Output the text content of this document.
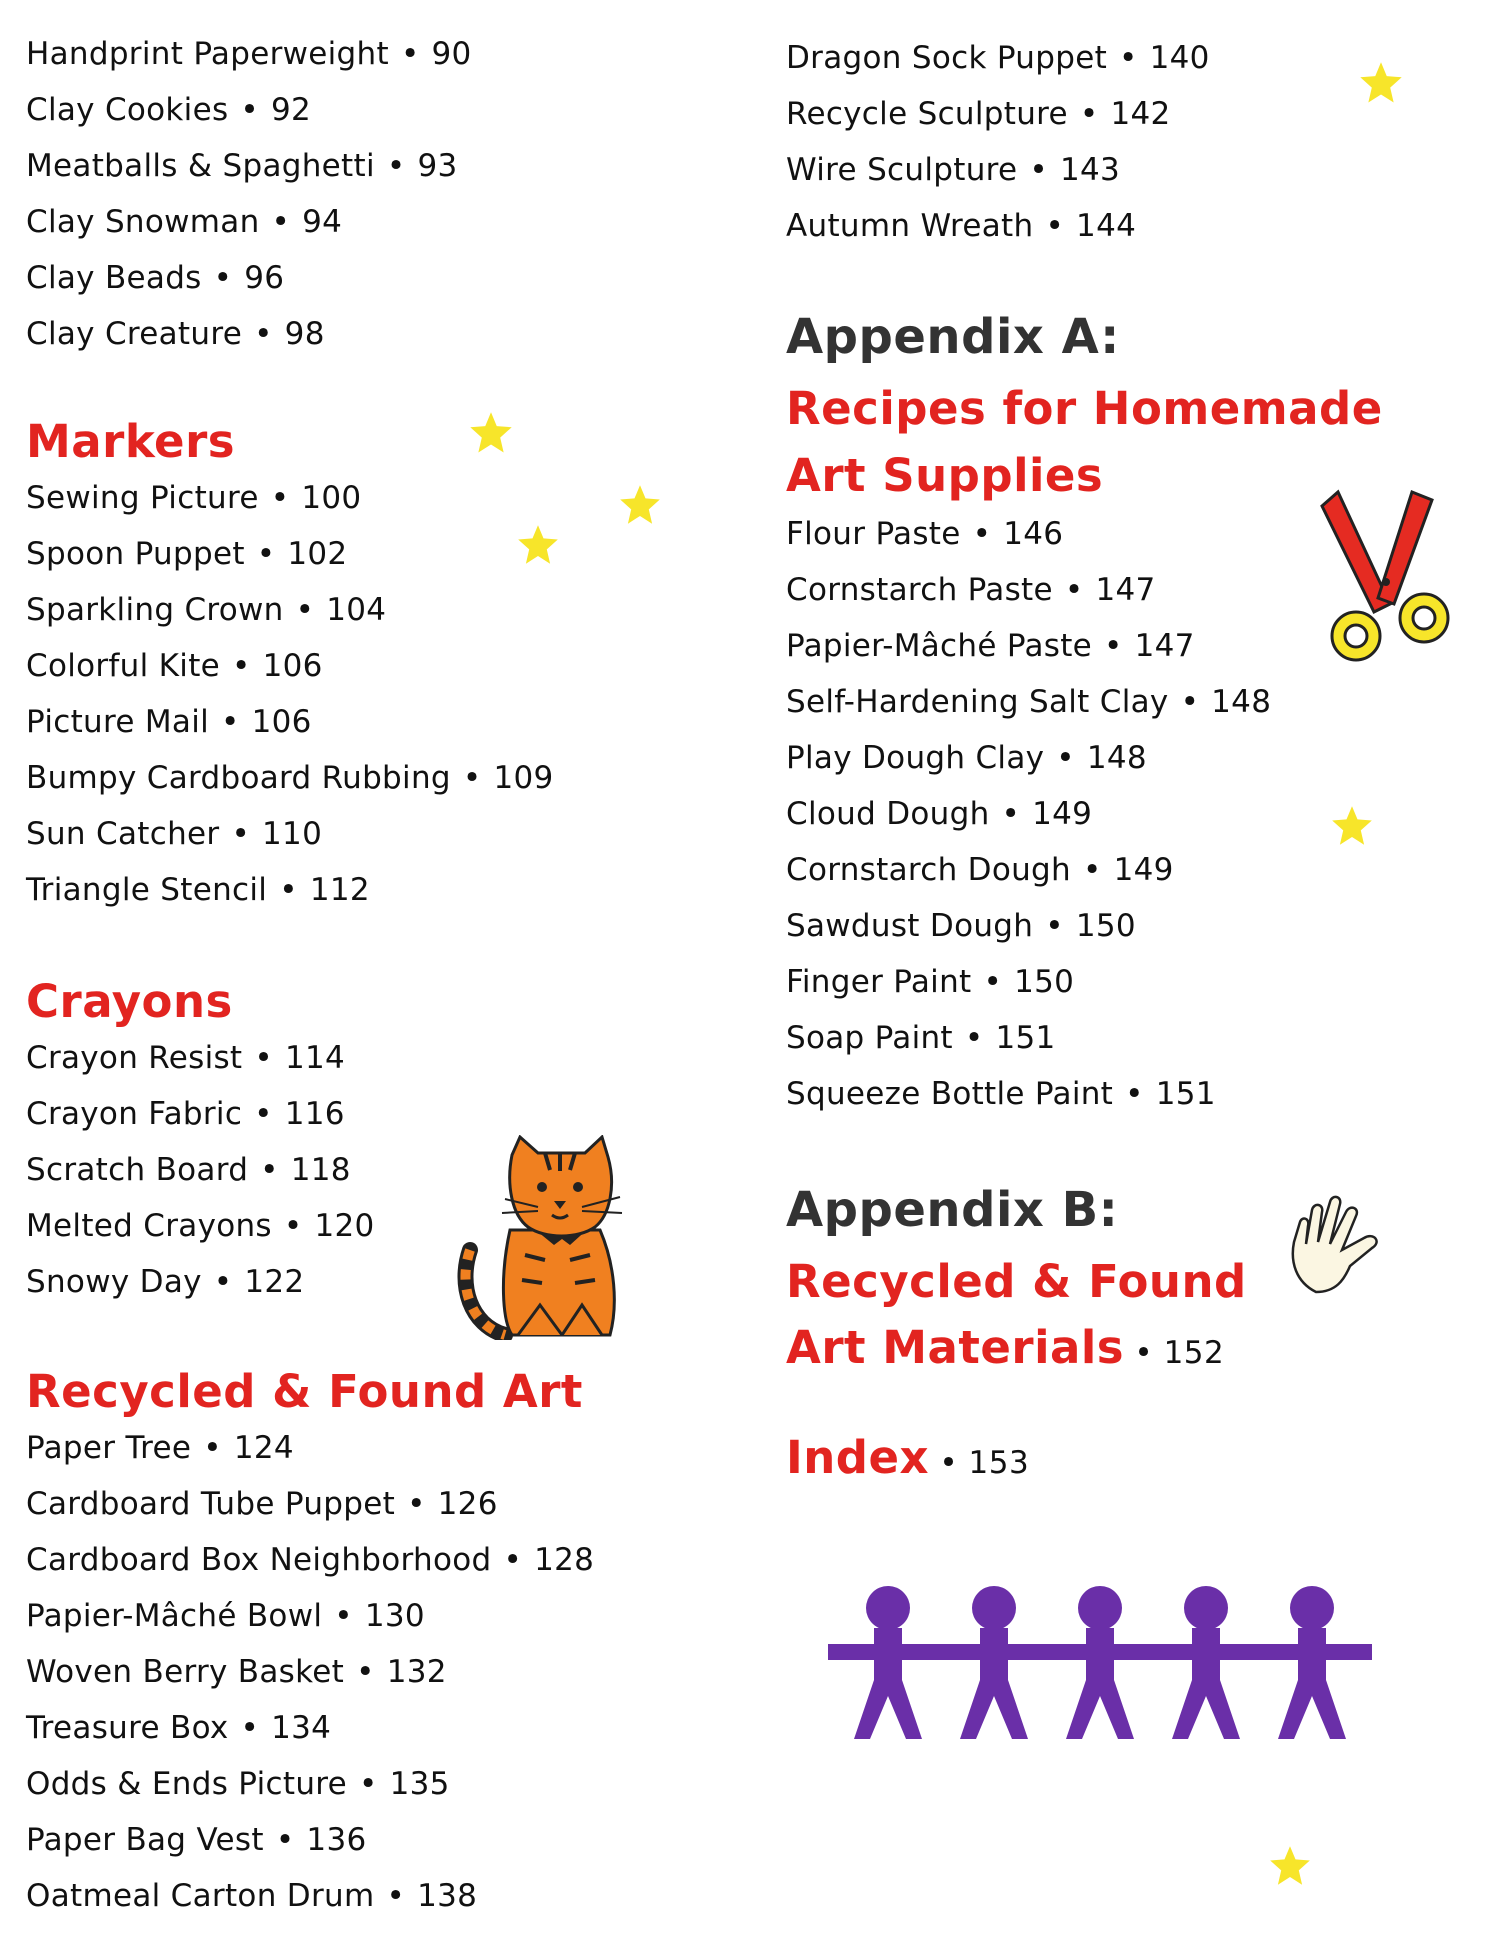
Handprint Paperweight • 90
Clay Cookies • 92
Meatballs & Spaghetti • 93
Clay Snowman • 94
Clay Beads • 96
Clay Creature • 98
Markers
Sewing Picture • 100
Spoon Puppet • 102
Sparkling Crown • 104
Colorful Kite • 106
Picture Mail • 106
Bumpy Cardboard Rubbing • 109
Sun Catcher • 110
Triangle Stencil • 112
Crayons
Crayon Resist • 114
Crayon Fabric • 116
Scratch Board • 118
Melted Crayons • 120
Snowy Day • 122
Recycled & Found Art
Paper Tree • 124
Cardboard Tube Puppet • 126
Cardboard Box Neighborhood • 128
Papier-Mâché Bowl • 130
Woven Berry Basket • 132
Treasure Box • 134
Odds & Ends Picture • 135
Paper Bag Vest • 136
Oatmeal Carton Drum • 138
Dragon Sock Puppet • 140
Recycle Sculpture • 142
Wire Sculpture • 143
Autumn Wreath • 144
Appendix A:
Recipes for Homemade
Art Supplies
Flour Paste • 146
Cornstarch Paste • 147
Papier-Mâché Paste • 147
Self-Hardening Salt Clay • 148
Play Dough Clay • 148
Cloud Dough • 149
Cornstarch Dough • 149
Sawdust Dough • 150
Finger Paint • 150
Soap Paint • 151
Squeeze Bottle Paint • 151
Appendix B:
Recycled & Found
Art Materials • 152
Index • 153
